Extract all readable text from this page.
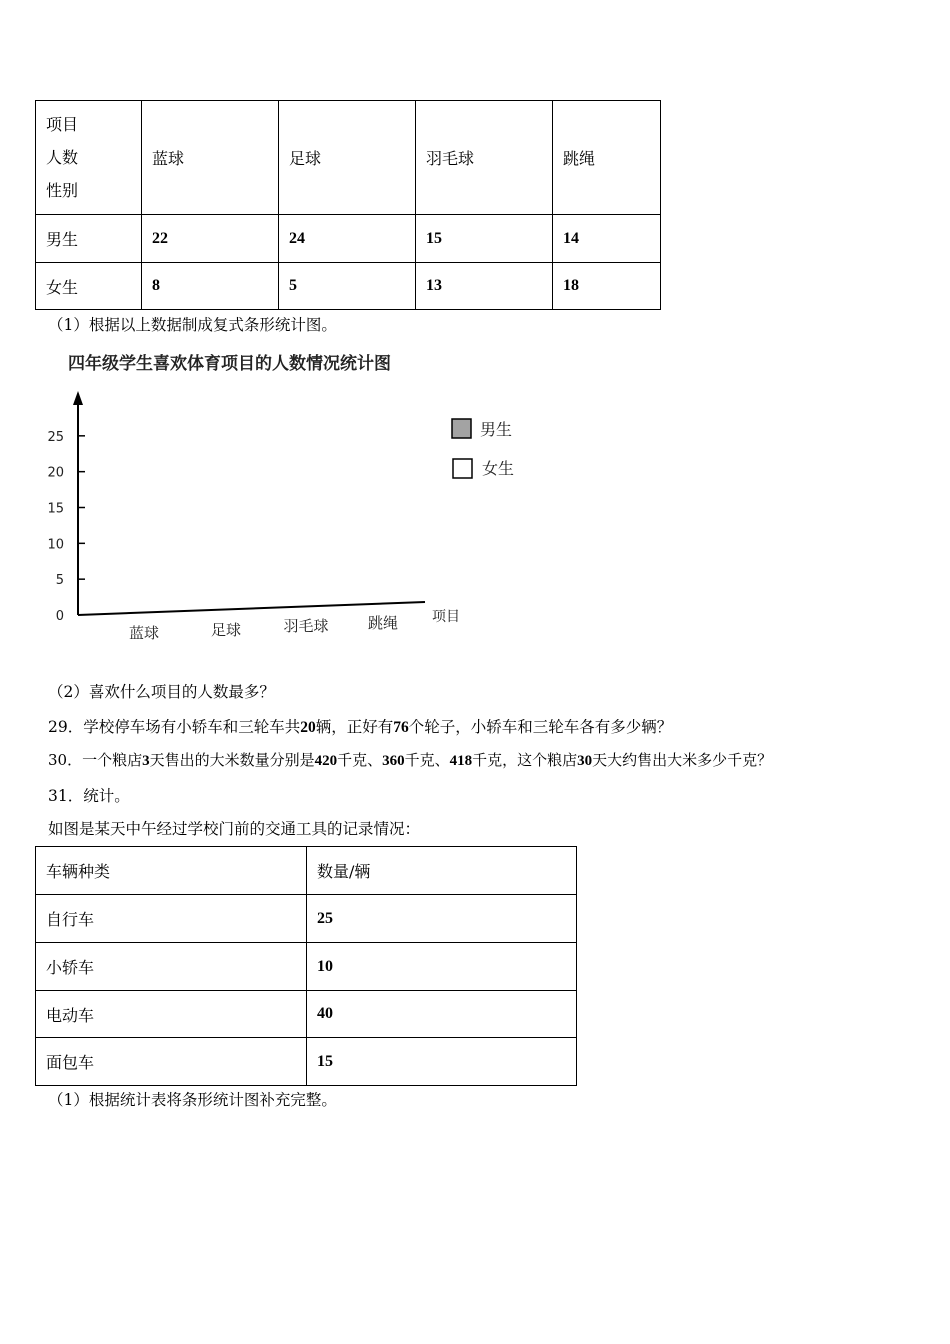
项目
人数
性别	蓝球	足球	羽毛球	跳绳
男生	22	24	15	14
女生	8	5	13	18
（1）根据以上数据制成复式条形统计图。
四年级学生喜欢体育项目的人数情况统计图
25
20
15
10
5
0
蓝球	足球	羽毛球	跳绳 项目
男生
女生
（2）喜欢什么项目的人数最多？
29．学校停车场有小轿车和三轮车共20辆，正好有76个轮子，小轿车和三轮车各有多少辆？
30．一个粮店3天售出的大米数量分别是420千克、360千克、418千克，这个粮店30天大约售出大米多少千克？
31．统计。
如图是某天中午经过学校门前的交通工具的记录情况：
车辆种类	数量/辆
自行车	25
小轿车	10
电动车	40
面包车	15
（1）根据统计表将条形统计图补充完整。
